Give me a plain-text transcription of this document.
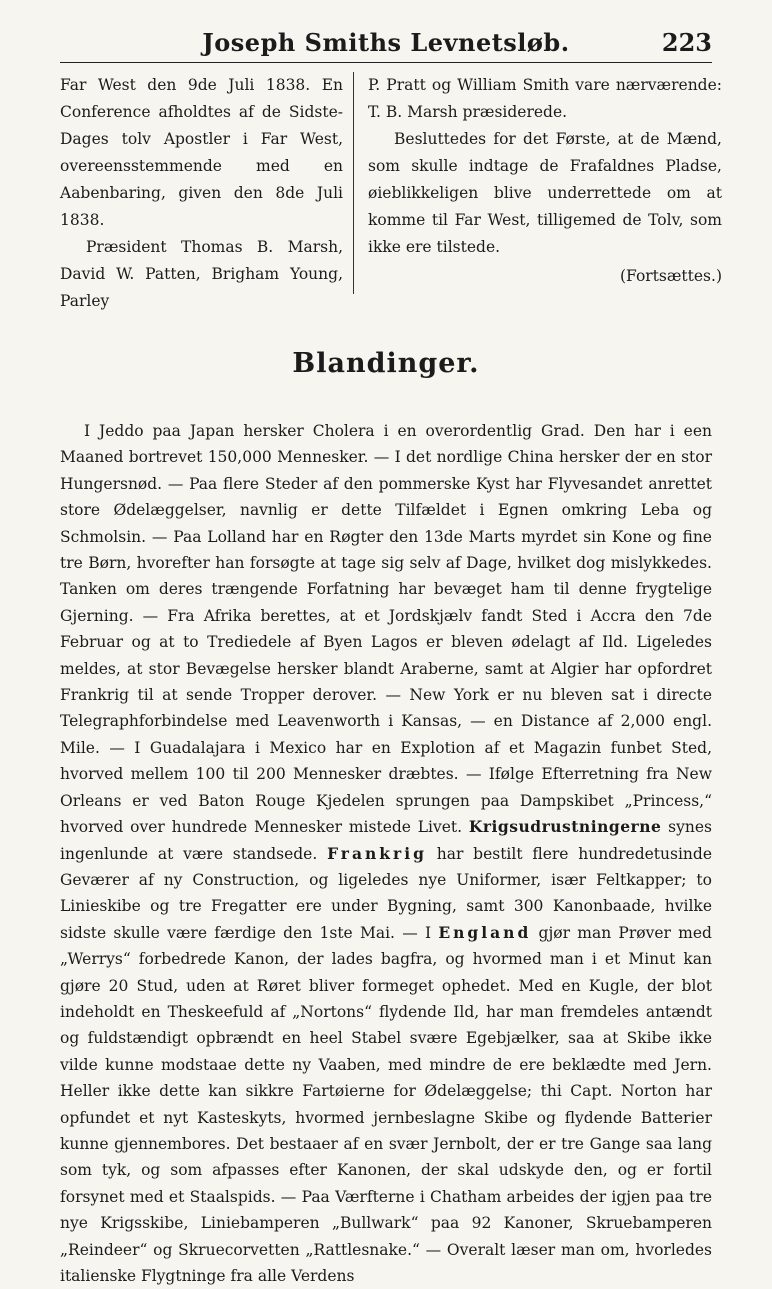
Joseph Smiths Levnetsløb.	223

Far West den 9de Juli 1838. En Conference afholdtes af de Sidste-Dages tolv Apostler i Far West, overeensstemmende med en Aabenbaring, given den 8de Juli 1838.

Præsident Thomas B. Marsh, David W. Patten, Brigham Young, Parley

P. Pratt og William Smith vare nærværende: T. B. Marsh præsiderede.

Besluttedes for det Første, at de Mænd, som skulle indtage de Frafaldnes Pladse, øieblikkeligen blive underrettede om at komme til Far West, tilligemed de Tolv, som ikke ere tilstede.

(Fortsættes.)

Blandinger.

I Jeddo paa Japan hersker Cholera i en overordentlig Grad. Den har i een Maaned bortrevet 150,000 Mennesker. — I det nordlige China hersker der en stor Hungersnød. — Paa flere Steder af den pommerske Kyst har Flyvesandet anrettet store Ødelæggelser, navnlig er dette Tilfældet i Egnen omkring Leba og Schmolsin. — Paa Lolland har en Røgter den 13de Marts myrdet sin Kone og fine tre Børn, hvorefter han forsøgte at tage sig selv af Dage, hvilket dog mislykkedes. Tanken om deres trængende Forfatning har bevæget ham til denne frygtelige Gjerning. — Fra Afrika berettes, at et Jordskjælv fandt Sted i Accra den 7de Februar og at to Trediedele af Byen Lagos er bleven ødelagt af Ild. Ligeledes meldes, at stor Bevægelse hersker blandt Araberne, samt at Algier har opfordret Frankrig til at sende Tropper derover. — New York er nu bleven sat i directe Telegraphforbindelse med Leavenworth i Kansas, — en Distance af 2,000 engl. Mile. — I Guadalajara i Mexico har en Explotion af et Magazin funbet Sted, hvorved mellem 100 til 200 Mennesker dræbtes. — Ifølge Efterretning fra New Orleans er ved Baton Rouge Kjedelen sprungen paa Dampskibet „Princess,“ hvorved over hundrede Mennesker mistede Livet. Krigsudrustningerne synes ingenlunde at være standsede. Frankrig har bestilt flere hundredetusinde Geværer af ny Construction, og ligeledes nye Uniformer, især Feltkapper; to Linieskibe og tre Fregatter ere under Bygning, samt 300 Kanonbaade, hvilke sidste skulle være færdige den 1ste Mai. — I England gjør man Prøver med „Werrys“ forbedrede Kanon, der lades bagfra, og hvormed man i et Minut kan gjøre 20 Stud, uden at Røret bliver formeget ophedet. Med en Kugle, der blot indeholdt en Theskeefuld af „Nortons“ flydende Ild, har man fremdeles antændt og fuldstændigt opbrændt en heel Stabel svære Egebjælker, saa at Skibe ikke vilde kunne modstaae dette ny Vaaben, med mindre de ere beklædte med Jern. Heller ikke dette kan sikkre Fartøierne for Ødelæggelse; thi Capt. Norton har opfundet et nyt Kasteskyts, hvormed jernbeslagne Skibe og flydende Batterier kunne gjennembores. Det bestaaer af en svær Jernbolt, der er tre Gange saa lang som tyk, og som afpasses efter Kanonen, der skal udskyde den, og er fortil forsynet med et Staalspids. — Paa Værfterne i Chatham arbeides der igjen paa tre nye Krigsskibe, Liniebamperen „Bullwark“ paa 92 Kanoner, Skruebamperen „Reindeer“ og Skruecorvetten „Rattlesnake.“ — Overalt læser man om, hvorledes italienske Flygtninge fra alle Verdens
